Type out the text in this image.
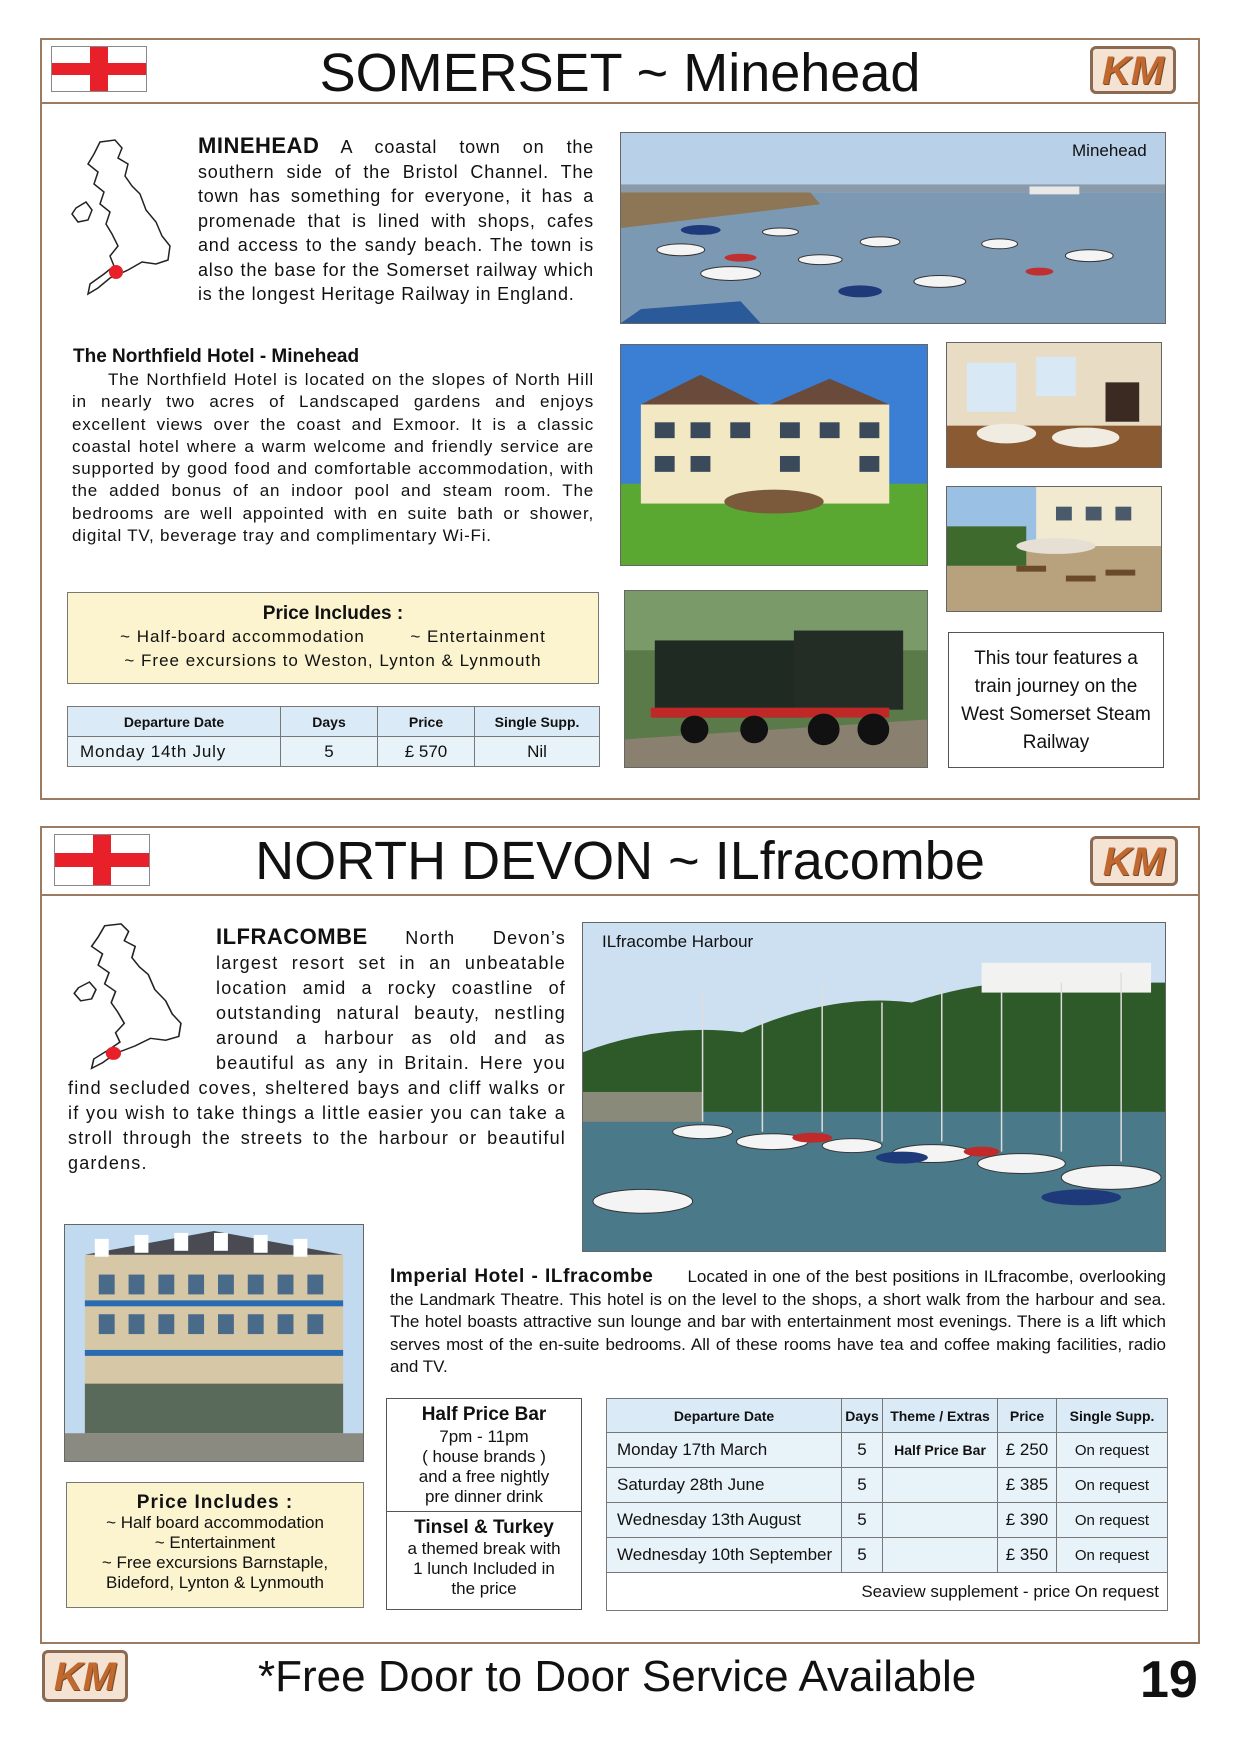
SOMERSET ~ Minehead	KM
MINEHEAD A coastal town on the southern side of the Bristol Channel. The town has something for everyone, it has a promenade that is lined with shops, cafes and access to the sandy beach. The town is also the base for the Somerset railway which is the longest Heritage Railway in England.
The Northfield Hotel - Minehead
The Northfield Hotel is located on the slopes of North Hill in nearly two acres of Landscaped gardens and enjoys excellent views over the coast and Exmoor. It is a classic coastal hotel where a warm welcome and friendly service are supported by good food and comfortable accommodation, with the added bonus of an indoor pool and steam room. The bedrooms are well appointed with en suite bath or shower, digital TV, beverage tray and complimentary Wi-Fi.
Minehead
Price Includes :
~ Half-board accommodation	~ Entertainment
~ Free excursions to Weston, Lynton & Lynmouth
Departure Date	Days	Price	Single Supp.
Monday 14th July	5	£ 570	Nil
This tour features a train journey on the West Somerset Steam Railway
NORTH DEVON ~ ILfracombe	KM
ILFRACOMBE North Devon’s largest resort set in an unbeatable location amid a rocky coastline of outstanding natural beauty, nestling around a harbour as old and as beautiful as any in Britain. Here you find secluded coves, sheltered bays and cliff walks or if you wish to take things a little easier you can take a stroll through the streets to the harbour or beautiful gardens.
ILfracombe Harbour
Imperial Hotel - ILfracombe Located in one of the best positions in ILfracombe, overlooking the Landmark Theatre. This hotel is on the level to the shops, a short walk from the harbour and sea. The hotel boasts attractive sun lounge and bar with entertainment most evenings. There is a lift which serves most of the en-suite bedrooms. All of these rooms have tea and coffee making facilities, radio and TV.
Price Includes :
~ Half board accommodation
~ Entertainment
~ Free excursions Barnstaple,
Bideford, Lynton & Lynmouth
Half Price Bar
7pm - 11pm
( house brands )
and a free nightly
pre dinner drink
Tinsel & Turkey
a themed break with
1 lunch Included in
the price
Departure Date	Days	Theme / Extras	Price	Single Supp.
Monday 17th March	5	Half Price Bar	£ 250	On request
Saturday 28th June	5		£ 385	On request
Wednesday 13th August	5		£ 390	On request
Wednesday 10th September	5		£ 350	On request
Seaview supplement - price On request				
KM	*Free Door to Door Service Available	19
